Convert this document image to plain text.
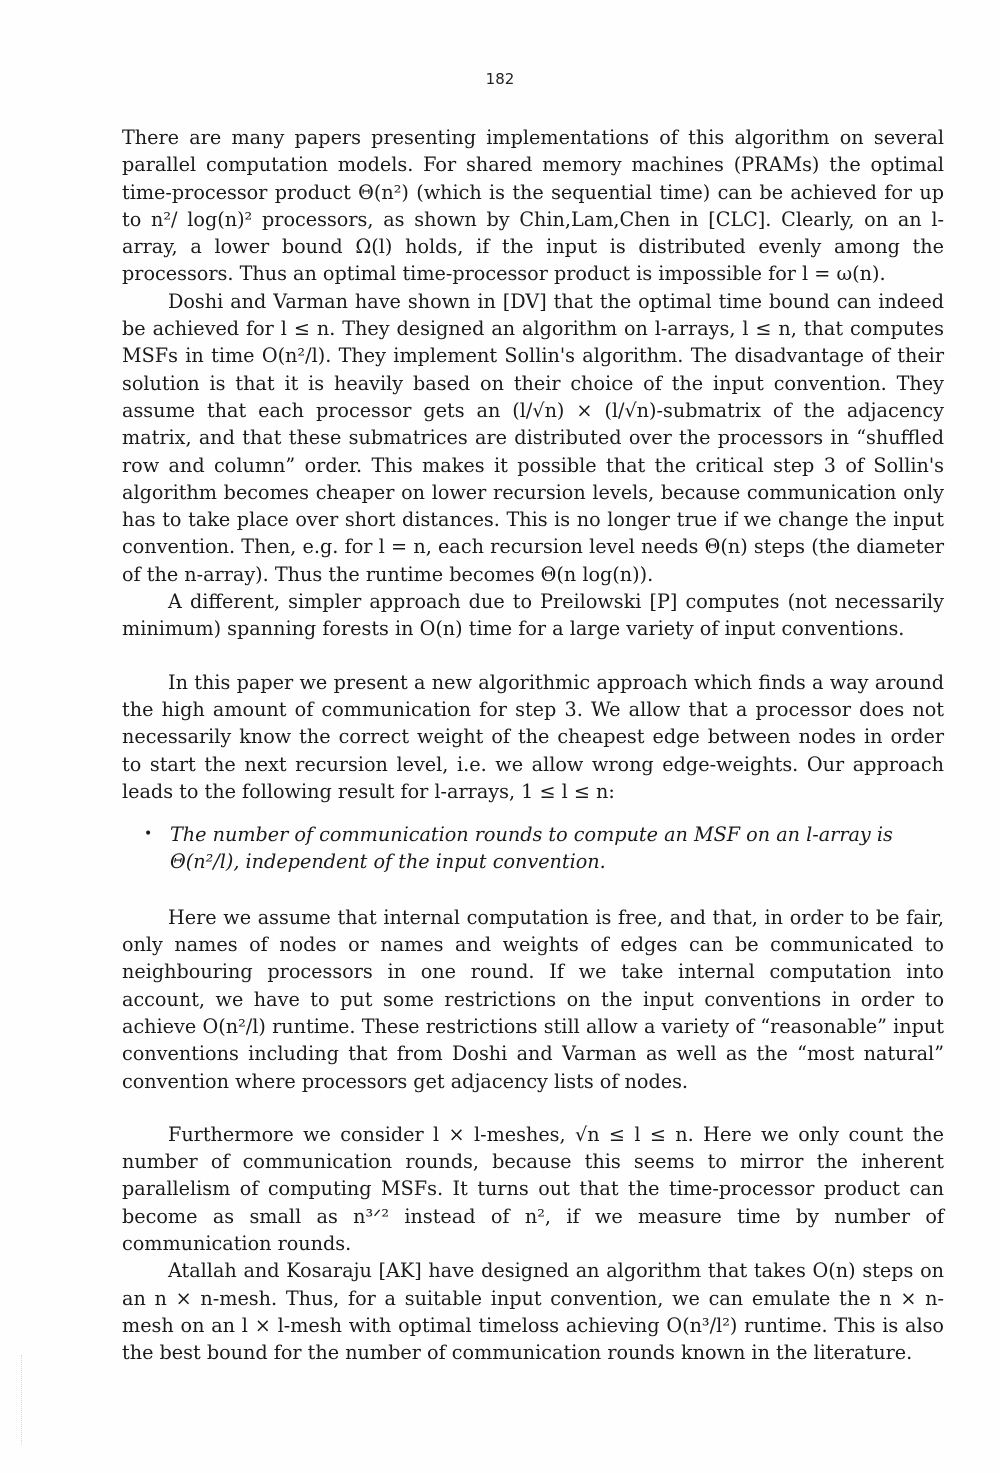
182

There are many papers presenting implementations of this algorithm on several parallel computation models. For shared memory machines (PRAMs) the optimal time-processor product Θ(n²) (which is the sequential time) can be achieved for up to n²/ log(n)² processors, as shown by Chin,Lam,Chen in [CLC]. Clearly, on an l-array, a lower bound Ω(l) holds, if the input is distributed evenly among the processors. Thus an optimal time-processor product is impossible for l = ω(n).

Doshi and Varman have shown in [DV] that the optimal time bound can indeed be achieved for l ≤ n. They designed an algorithm on l-arrays, l ≤ n, that computes MSFs in time O(n²/l). They implement Sollin's algorithm. The disadvantage of their solution is that it is heavily based on their choice of the input convention. They assume that each processor gets an (l/√n) × (l/√n)-submatrix of the adjacency matrix, and that these submatrices are distributed over the processors in “shuffled row and column” order. This makes it possible that the critical step 3 of Sollin's algorithm becomes cheaper on lower recursion levels, because communication only has to take place over short distances. This is no longer true if we change the input convention. Then, e.g. for l = n, each recursion level needs Θ(n) steps (the diameter of the n-array). Thus the runtime becomes Θ(n log(n)).

A different, simpler approach due to Preilowski [P] computes (not necessarily minimum) spanning forests in O(n) time for a large variety of input conventions.

In this paper we present a new algorithmic approach which finds a way around the high amount of communication for step 3. We allow that a processor does not necessarily know the correct weight of the cheapest edge between nodes in order to start the next recursion level, i.e. we allow wrong edge-weights. Our approach leads to the following result for l-arrays, 1 ≤ l ≤ n:

• The number of communication rounds to compute an MSF on an l-array is Θ(n²/l), independent of the input convention.

Here we assume that internal computation is free, and that, in order to be fair, only names of nodes or names and weights of edges can be communicated to neighbouring processors in one round. If we take internal computation into account, we have to put some restrictions on the input conventions in order to achieve O(n²/l) runtime. These restrictions still allow a variety of “reasonable” input conventions including that from Doshi and Varman as well as the “most natural” convention where processors get adjacency lists of nodes.

Furthermore we consider l × l-meshes, √n ≤ l ≤ n. Here we only count the number of communication rounds, because this seems to mirror the inherent parallelism of computing MSFs. It turns out that the time-processor product can become as small as n³ᐟ² instead of n², if we measure time by number of communication rounds.

Atallah and Kosaraju [AK] have designed an algorithm that takes O(n) steps on an n × n-mesh. Thus, for a suitable input convention, we can emulate the n × n-mesh on an l × l-mesh with optimal timeloss achieving O(n³/l²) runtime. This is also the best bound for the number of communication rounds known in the literature.
